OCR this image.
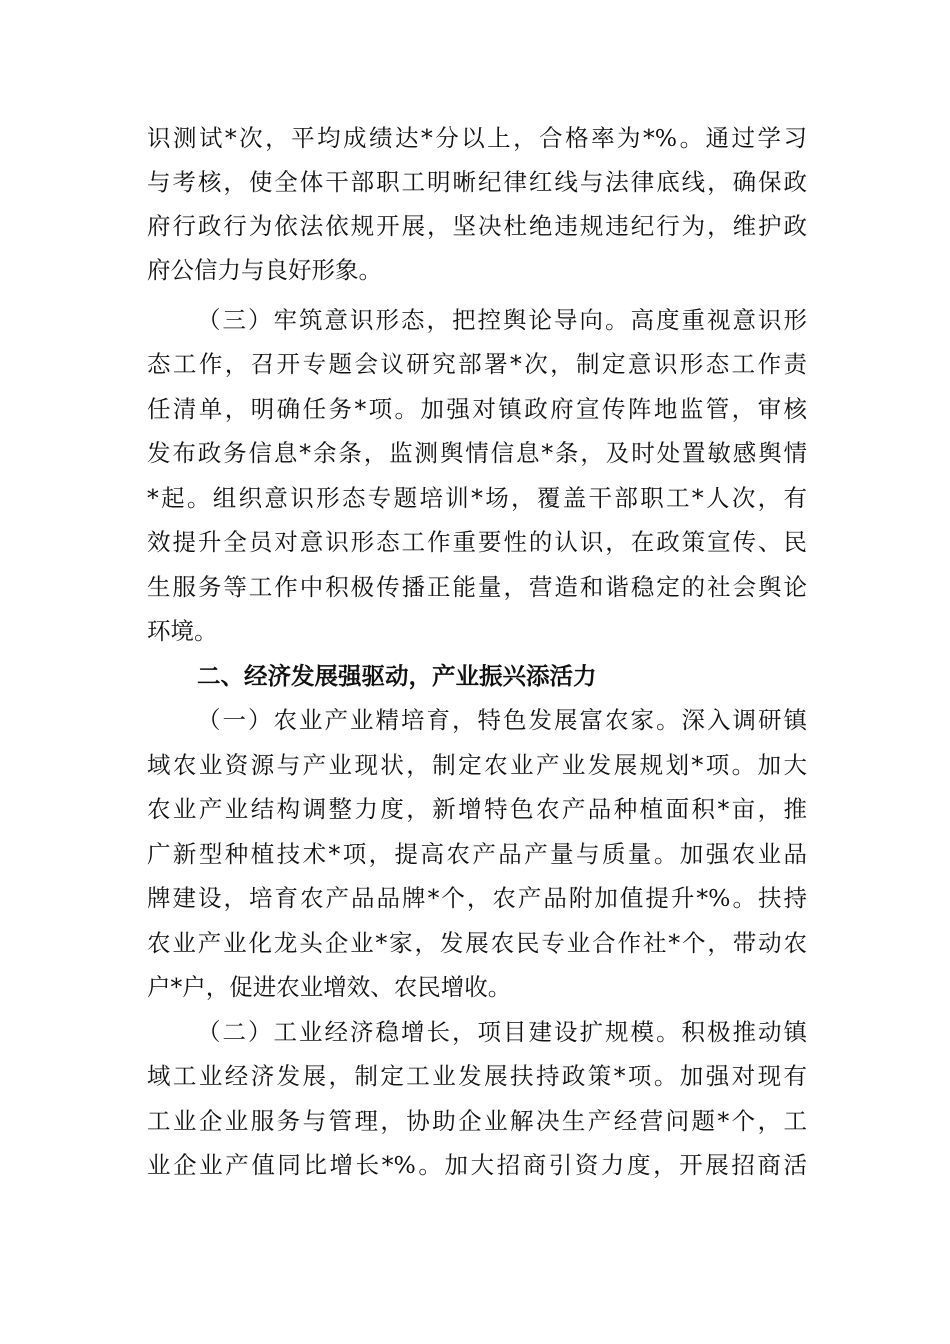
识测试*次，平均成绩达*分以上，合格率为*%。通过学习
与考核，使全体干部职工明晰纪律红线与法律底线，确保政
府行政行为依法依规开展，坚决杜绝违规违纪行为，维护政
府公信力与良好形象。
（三）牢筑意识形态，把控舆论导向。高度重视意识形
态工作，召开专题会议研究部署*次，制定意识形态工作责
任清单，明确任务*项。加强对镇政府宣传阵地监管，审核
发布政务信息*余条，监测舆情信息*条，及时处置敏感舆情
*起。组织意识形态专题培训*场，覆盖干部职工*人次，有
效提升全员对意识形态工作重要性的认识，在政策宣传、民
生服务等工作中积极传播正能量，营造和谐稳定的社会舆论
环境。
二、经济发展强驱动，产业振兴添活力
（一）农业产业精培育，特色发展富农家。深入调研镇
域农业资源与产业现状，制定农业产业发展规划*项。加大
农业产业结构调整力度，新增特色农产品种植面积*亩，推
广新型种植技术*项，提高农产品产量与质量。加强农业品
牌建设，培育农产品品牌*个，农产品附加值提升*%。扶持
农业产业化龙头企业*家，发展农民专业合作社*个，带动农
户*户，促进农业增效、农民增收。
（二）工业经济稳增长，项目建设扩规模。积极推动镇
域工业经济发展，制定工业发展扶持政策*项。加强对现有
工业企业服务与管理，协助企业解决生产经营问题*个，工
业企业产值同比增长*%。加大招商引资力度，开展招商活
